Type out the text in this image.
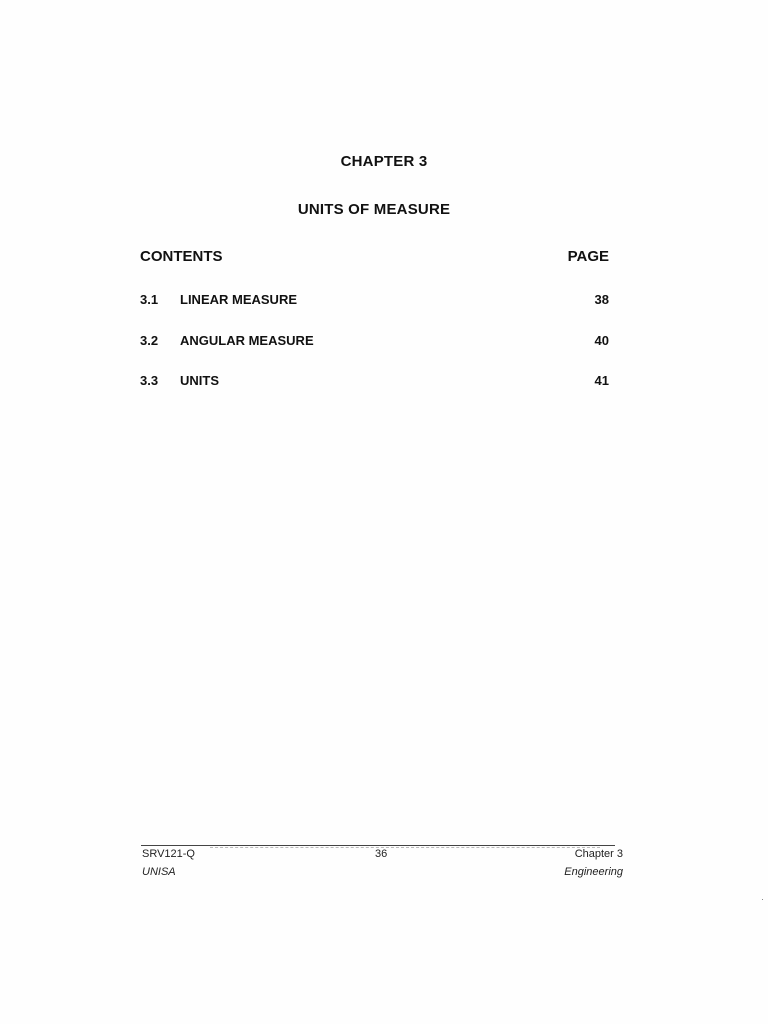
CHAPTER 3
UNITS OF MEASURE
CONTENTS	PAGE
3.1 LINEAR MEASURE	38
3.2 ANGULAR MEASURE	40
3.3 UNITS	41
SRV121-Q	36	Chapter 3
UNISA	Engineering
